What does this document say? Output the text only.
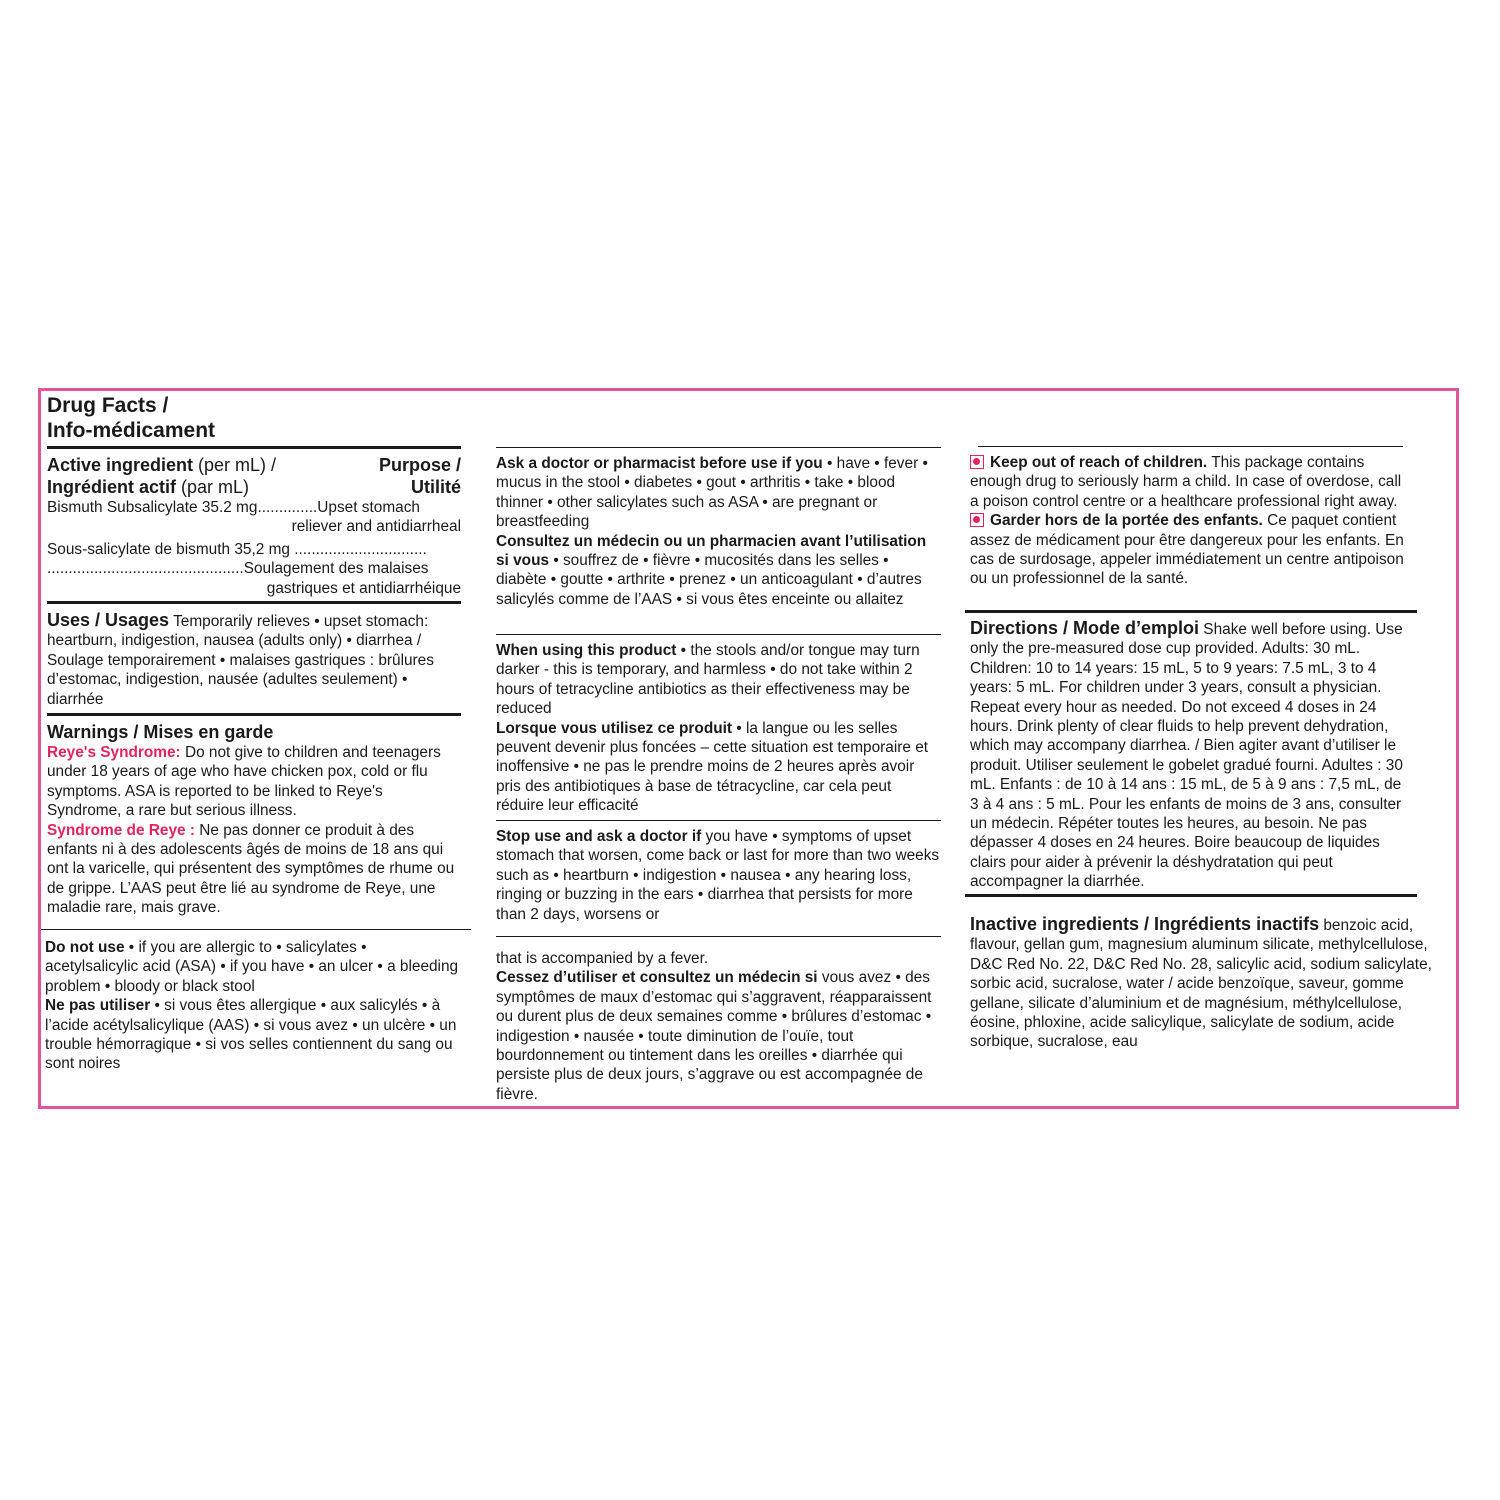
Drug Facts /
Info-médicament
Active ingredient (per mL) /
Ingrédient actif (par mL)
Purpose /
Utilité
Bismuth Subsalicylate 35.2 mg..............Upset stomach
reliever and antidiarrheal
Sous-salicylate de bismuth 35,2 mg ...............................
..............................................Soulagement des malaises
gastriques et antidiarrhéique
Uses / Usages Temporarily relieves • upset stomach: heartburn, indigestion, nausea (adults only) • diarrhea / Soulage temporairement • malaises gastriques : brûlures d’estomac, indigestion, nausée (adultes seulement) • diarrhée
Warnings / Mises en garde
Reye's Syndrome: Do not give to children and teenagers under 18 years of age who have chicken pox, cold or flu symptoms. ASA is reported to be linked to Reye's Syndrome, a rare but serious illness.
Syndrome de Reye : Ne pas donner ce produit à des enfants ni à des adolescents âgés de moins de 18 ans qui ont la varicelle, qui présentent des symptômes de rhume ou de grippe. L’AAS peut être lié au syndrome de Reye, une maladie rare, mais grave.
Do not use • if you are allergic to • salicylates • acetylsalicylic acid (ASA) • if you have • an ulcer • a bleeding problem • bloody or black stool
Ne pas utiliser • si vous êtes allergique • aux salicylés • à l’acide acétylsalicylique (AAS) • si vous avez • un ulcère • un trouble hémorragique • si vos selles contiennent du sang ou sont noires
Ask a doctor or pharmacist before use if you • have • fever • mucus in the stool • diabetes • gout • arthritis • take • blood thinner • other salicylates such as ASA • are pregnant or breastfeeding
Consultez un médecin ou un pharmacien avant l’utilisation si vous • souffrez de • fièvre • mucosités dans les selles • diabète • goutte • arthrite • prenez • un anticoagulant • d’autres salicylés comme de l’AAS • si vous êtes enceinte ou allaitez
When using this product • the stools and/or tongue may turn darker - this is temporary, and harmless • do not take within 2 hours of tetracycline antibiotics as their effectiveness may be reduced
Lorsque vous utilisez ce produit • la langue ou les selles peuvent devenir plus foncées – cette situation est temporaire et inoffensive • ne pas le prendre moins de 2 heures après avoir pris des antibiotiques à base de tétracycline, car cela peut réduire leur efficacité
Stop use and ask a doctor if you have • symptoms of upset stomach that worsen, come back or last for more than two weeks such as • heartburn • indigestion • nausea • any hearing loss, ringing or buzzing in the ears • diarrhea that persists for more than 2 days, worsens or
that is accompanied by a fever.
Cessez d’utiliser et consultez un médecin si vous avez • des symptômes de maux d’estomac qui s’aggravent, réapparaissent ou durent plus de deux semaines comme • brûlures d’estomac • indigestion • nausée • toute diminution de l’ouïe, tout bourdonnement ou tintement dans les oreilles • diarrhée qui persiste plus de deux jours, s’aggrave ou est accompagnée de fièvre.
Keep out of reach of children. This package contains enough drug to seriously harm a child. In case of overdose, call a poison control centre or a healthcare professional right away.
Garder hors de la portée des enfants. Ce paquet contient assez de médicament pour être dangereux pour les enfants. En cas de surdosage, appeler immédiatement un centre antipoison ou un professionnel de la santé.
Directions / Mode d’emploi Shake well before using. Use only the pre-measured dose cup provided. Adults: 30 mL. Children: 10 to 14 years: 15 mL, 5 to 9 years: 7.5 mL, 3 to 4 years: 5 mL. For children under 3 years, consult a physician. Repeat every hour as needed. Do not exceed 4 doses in 24 hours. Drink plenty of clear fluids to help prevent dehydration, which may accompany diarrhea. / Bien agiter avant d’utiliser le produit. Utiliser seulement le gobelet gradué fourni. Adultes : 30 mL. Enfants : de 10 à 14 ans : 15 mL, de 5 à 9 ans : 7,5 mL, de 3 à 4 ans : 5 mL. Pour les enfants de moins de 3 ans, consulter un médecin. Répéter toutes les heures, au besoin. Ne pas dépasser 4 doses en 24 heures. Boire beaucoup de liquides clairs pour aider à prévenir la déshydratation qui peut accompagner la diarrhée.
Inactive ingredients / Ingrédients inactifs benzoic acid, flavour, gellan gum, magnesium aluminum silicate, methylcellulose, D&C Red No. 22, D&C Red No. 28, salicylic acid, sodium salicylate, sorbic acid, sucralose, water / acide benzoïque, saveur, gomme gellane, silicate d’aluminium et de magnésium, méthylcellulose, éosine, phloxine, acide salicylique, salicylate de sodium, acide sorbique, sucralose, eau
